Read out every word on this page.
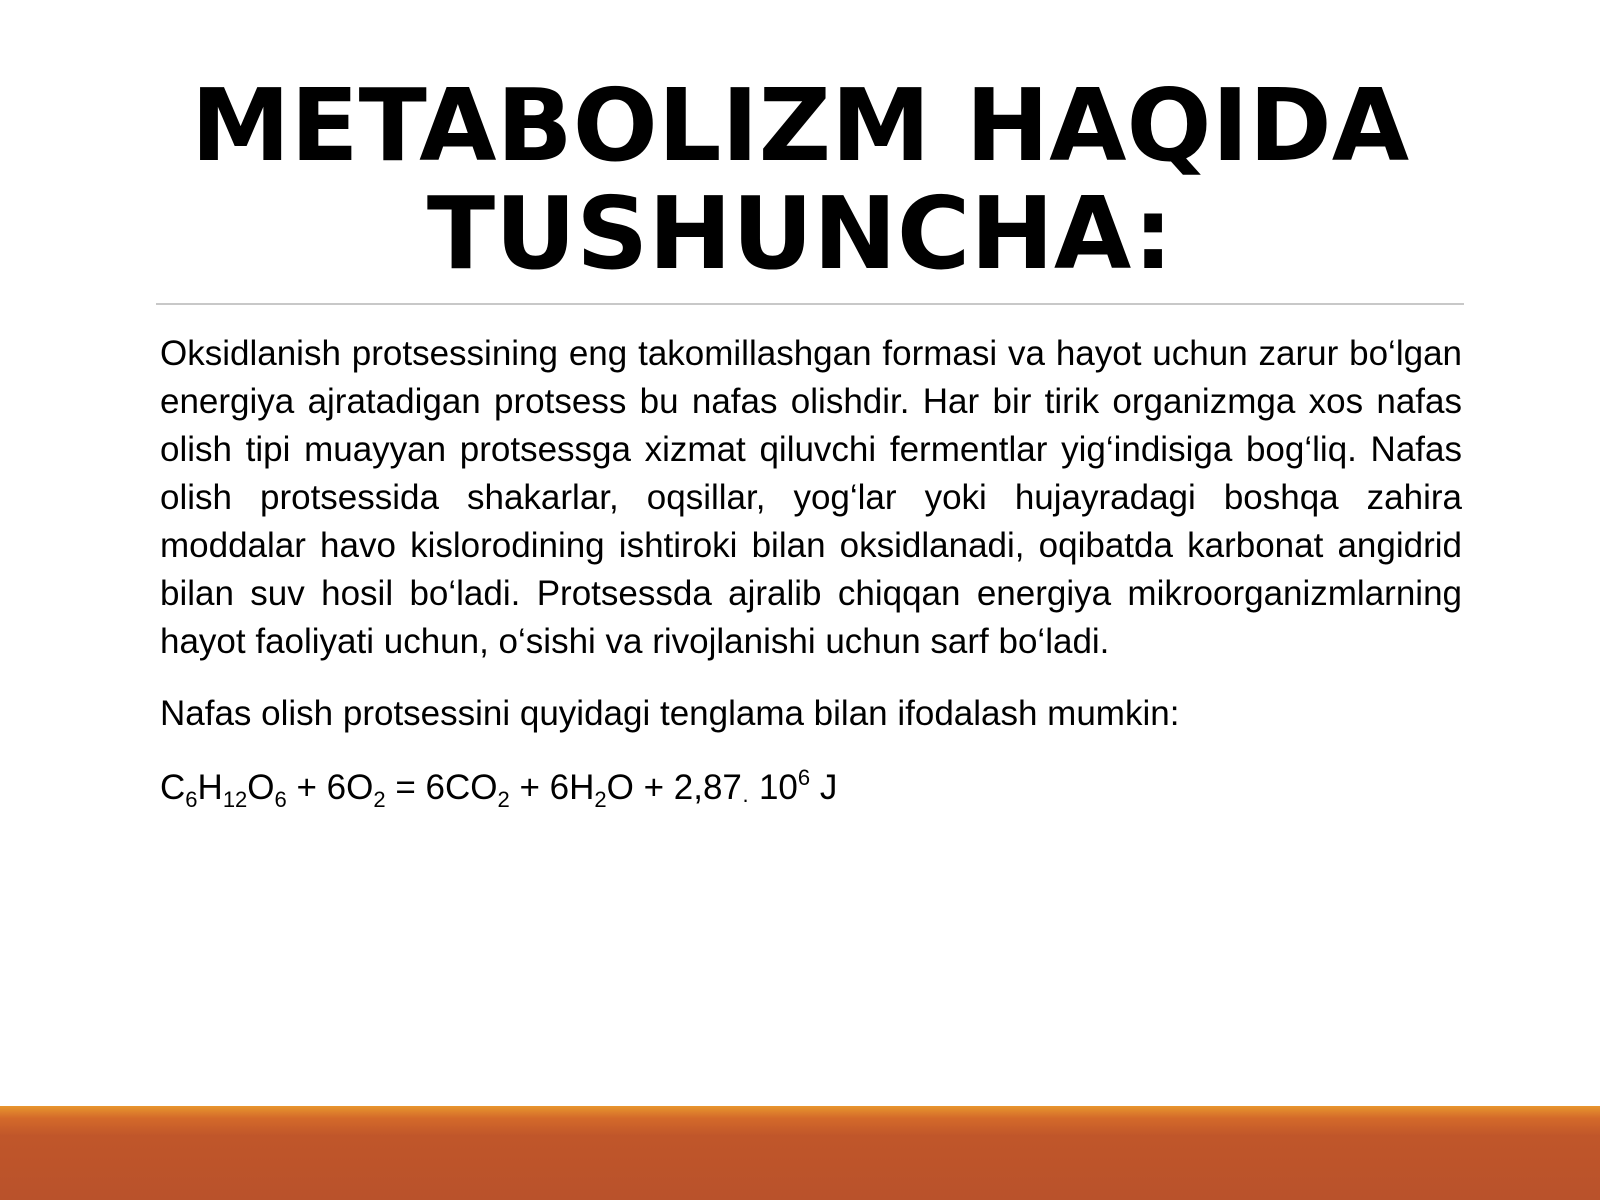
METABOLIZM HAQIDA TUSHUNCHA:

Oksidlanish protsessining eng takomillashgan formasi va hayot uchun zarur bo‘lgan energiya ajratadigan protsess bu nafas olishdir. Har bir tirik organizmga xos nafas olish tipi muayyan protsessga xizmat qiluvchi fermentlar yig‘indisiga bog‘liq. Nafas olish protsessida shakarlar, oqsillar, yog‘lar yoki hujayradagi boshqa zahira moddalar havo kislorodining ishtiroki bilan oksidlanadi, oqibatda karbonat angidrid bilan suv hosil bo‘ladi. Protsessda ajralib chiqqan energiya mikroorganizmlarning hayot faoliyati uchun, o‘sishi va rivojlanishi uchun sarf bo‘ladi.

Nafas olish protsessini quyidagi tenglama bilan ifodalash mumkin:

$C_6H_{12}O_6 + 6O_2 = 6CO_2 + 6H_2O + 2,87_\cdot$ $10^6$ J
